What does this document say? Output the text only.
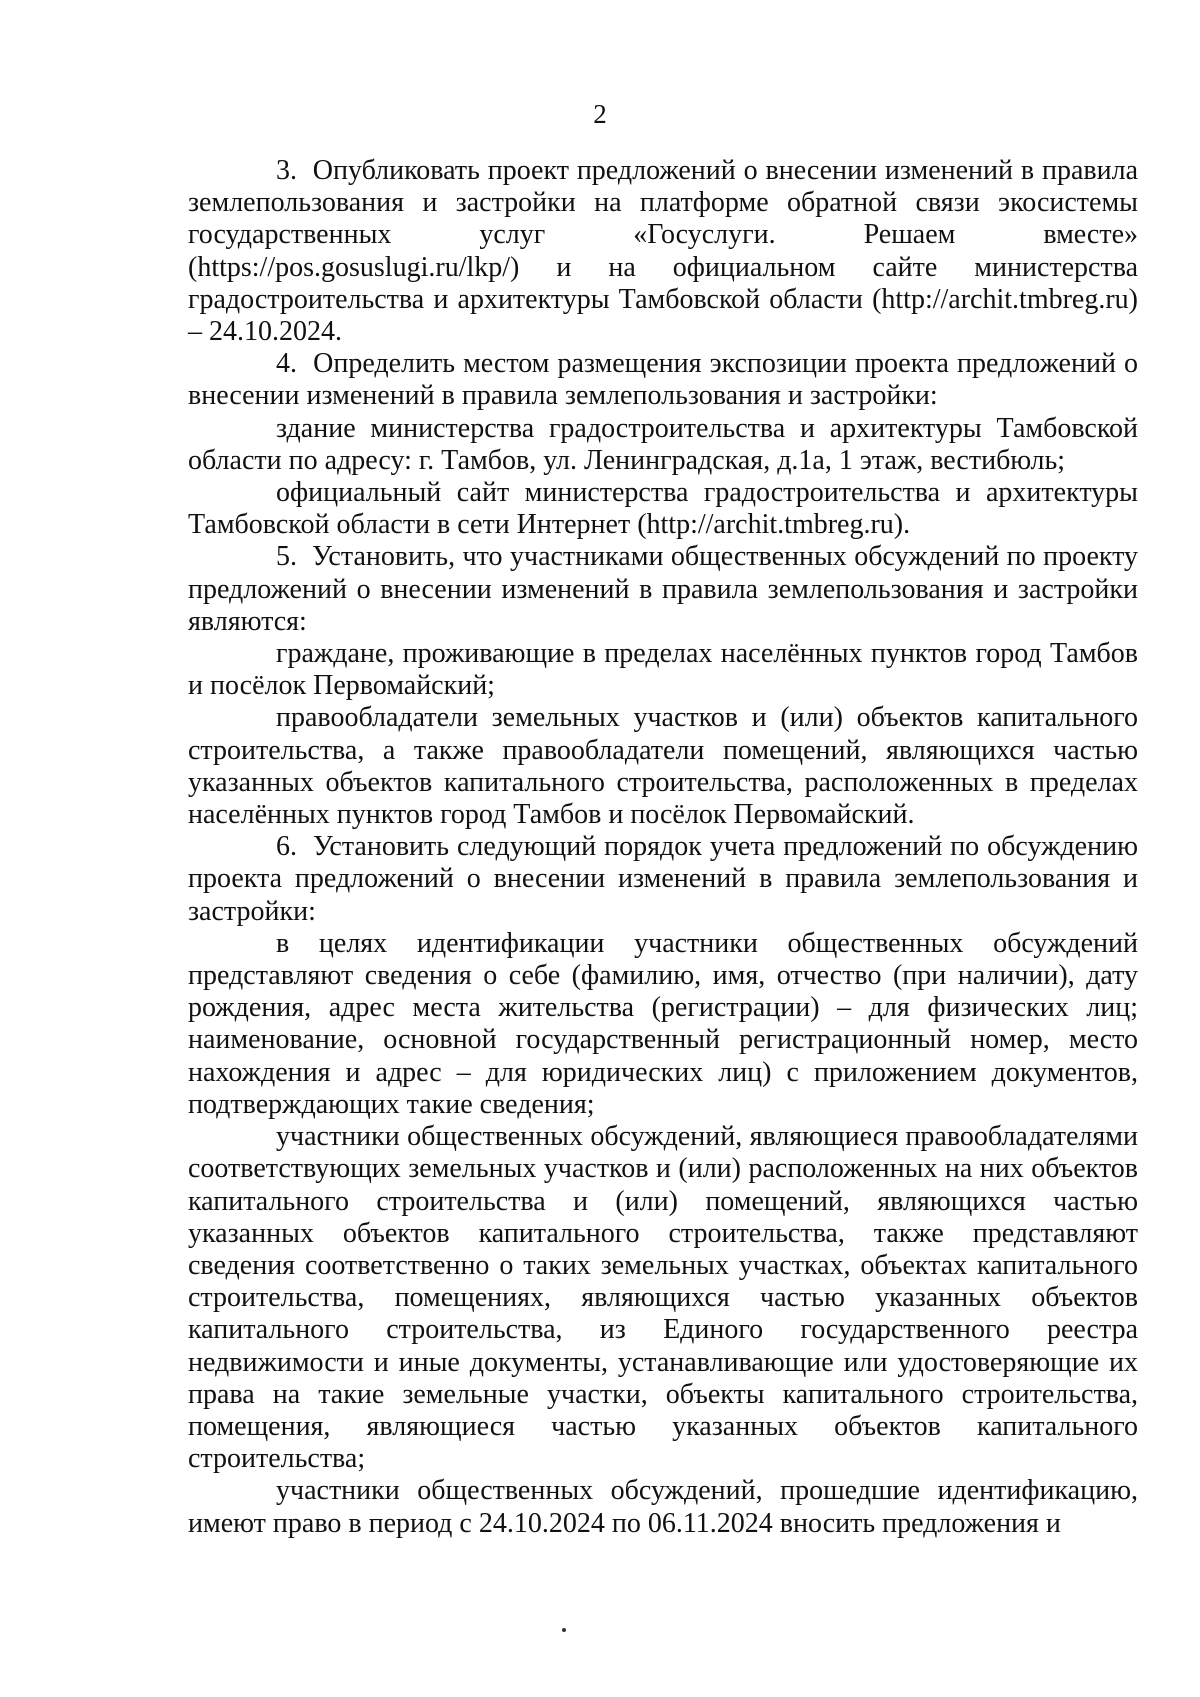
2

3.  Опубликовать проект предложений о внесении изменений в правила землепользования и застройки на платформе обратной связи экосистемы государственных услуг «Госуслуги. Решаем вместе» (https://pos.gosuslugi.ru/lkp/) и на официальном сайте министерства градостроительства и архитектуры Тамбовской области (http://archit.tmbreg.ru) – 24.10.2024.

4.  Определить местом размещения экспозиции проекта предложений о внесении изменений в правила землепользования и застройки:

здание министерства градостроительства и архитектуры Тамбовской области по адресу: г. Тамбов, ул. Ленинградская, д.1а, 1 этаж, вестибюль;

официальный сайт министерства градостроительства и архитектуры Тамбовской области в сети Интернет (http://archit.tmbreg.ru).

5.  Установить, что участниками общественных обсуждений по проекту предложений о внесении изменений в правила землепользования и застройки являются:

граждане, проживающие в пределах населённых пунктов город Тамбов и посёлок Первомайский;

правообладатели земельных участков и (или) объектов капитального строительства, а также правообладатели помещений, являющихся частью указанных объектов капитального строительства, расположенных в пределах населённых пунктов город Тамбов и посёлок Первомайский.

6.  Установить следующий порядок учета предложений по обсуждению проекта предложений о внесении изменений в правила землепользования и застройки:

в целях идентификации участники общественных обсуждений представляют сведения о себе (фамилию, имя, отчество (при наличии), дату рождения, адрес места жительства (регистрации) – для физических лиц; наименование, основной государственный регистрационный номер, место нахождения и адрес – для юридических лиц) с приложением документов, подтверждающих такие сведения;

участники общественных обсуждений, являющиеся правообладателями соответствующих земельных участков и (или) расположенных на них объектов капитального строительства и (или) помещений, являющихся частью указанных объектов капитального строительства, также представляют сведения соответственно о таких земельных участках, объектах капитального строительства, помещениях, являющихся частью указанных объектов капитального строительства, из Единого государственного реестра недвижимости и иные документы, устанавливающие или удостоверяющие их права на такие земельные участки, объекты капитального строительства, помещения, являющиеся частью указанных объектов капитального строительства;

участники общественных обсуждений, прошедшие идентификацию, имеют право в период с 24.10.2024 по 06.11.2024 вносить предложения и
